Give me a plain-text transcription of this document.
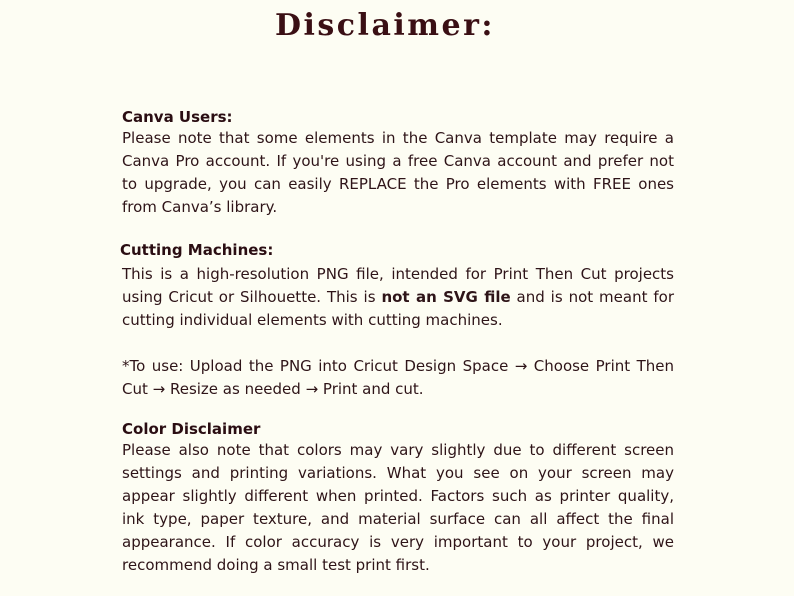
Disclaimer:

Canva Users:

Please note that some elements in the Canva template may require a Canva Pro account. If you're using a free Canva account and prefer not to upgrade, you can easily REPLACE the Pro elements with FREE ones from Canva’s library.

Cutting Machines:

This is a high-resolution PNG file, intended for Print Then Cut projects using Cricut or Silhouette. This is not an SVG file and is not meant for cutting individual elements with cutting machines.

*To use: Upload the PNG into Cricut Design Space → Choose Print Then Cut → Resize as needed → Print and cut.

Color Disclaimer

Please also note that colors may vary slightly due to different screen settings and printing variations. What you see on your screen may appear slightly different when printed. Factors such as printer quality, ink type, paper texture, and material surface can all affect the final appearance. If color accuracy is very important to your project, we recommend doing a small test print first.
